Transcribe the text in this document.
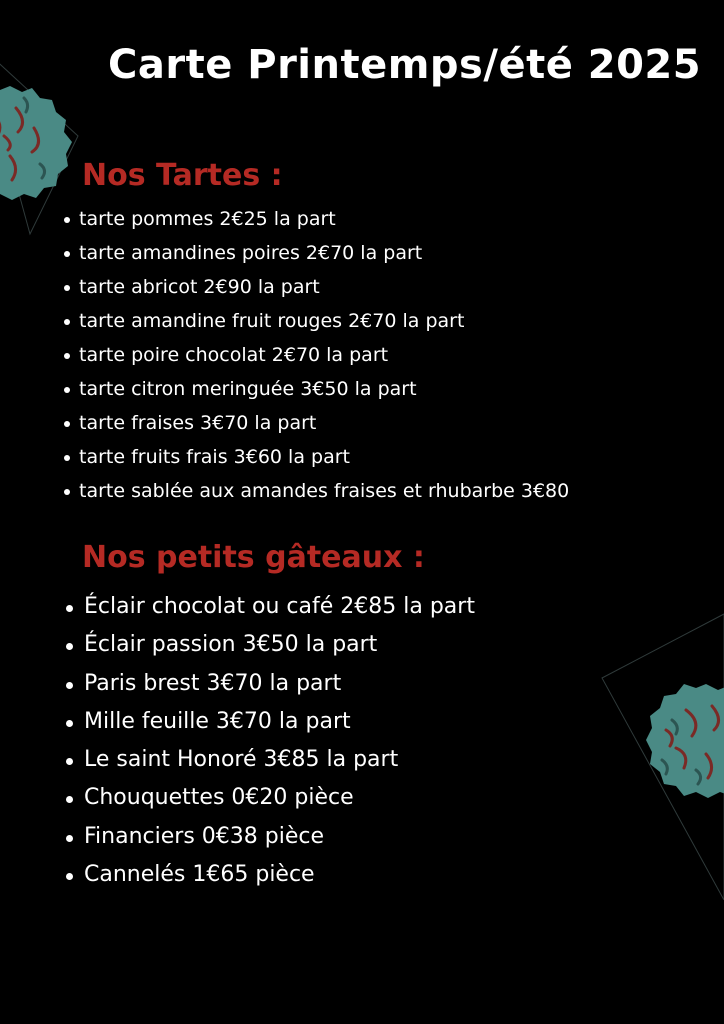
Carte Printemps/été 2025
Nos Tartes :
tarte pommes 2€25 la part
tarte amandines poires 2€70 la part
tarte abricot 2€90 la part
tarte amandine fruit rouges 2€70 la part
tarte poire chocolat 2€70 la part
tarte citron meringuée 3€50 la part
tarte fraises 3€70 la part
tarte fruits frais 3€60 la part
tarte sablée aux amandes fraises et rhubarbe 3€80
Nos petits gâteaux :
Éclair chocolat ou café 2€85 la part
Éclair passion 3€50 la part
Paris brest 3€70 la part
Mille feuille 3€70 la part
Le saint Honoré 3€85 la part
Chouquettes 0€20 pièce
Financiers 0€38 pièce
Cannelés 1€65 pièce
